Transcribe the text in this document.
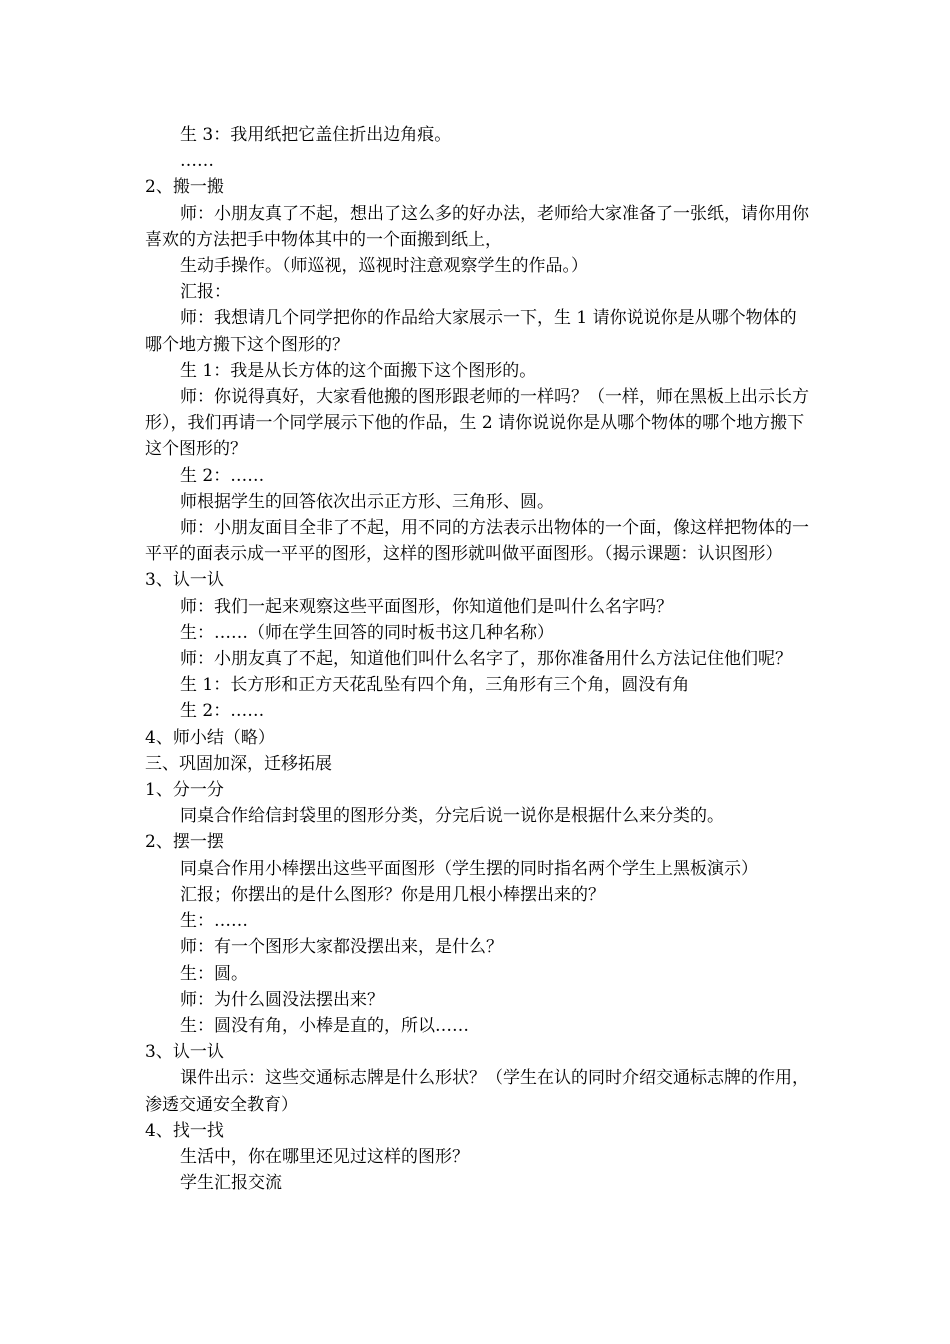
生 3：我用纸把它盖住折出边角痕。

……

2、搬一搬

师：小朋友真了不起，想出了这么多的好办法，老师给大家准备了一张纸，请你用你喜欢的方法把手中物体其中的一个面搬到纸上，

生动手操作。（师巡视，巡视时注意观察学生的作品。）

汇报：

师：我想请几个同学把你的作品给大家展示一下，生 1 请你说说你是从哪个物体的哪个地方搬下这个图形的？

生 1：我是从长方体的这个面搬下这个图形的。

师：你说得真好，大家看他搬的图形跟老师的一样吗？（一样，师在黑板上出示长方形），我们再请一个同学展示下他的作品，生 2 请你说说你是从哪个物体的哪个地方搬下这个图形的？

生 2：……

师根据学生的回答依次出示正方形、三角形、圆。

师：小朋友面目全非了不起，用不同的方法表示出物体的一个面，像这样把物体的一平平的面表示成一平平的图形，这样的图形就叫做平面图形。（揭示课题：认识图形）

3、认一认

师：我们一起来观察这些平面图形，你知道他们是叫什么名字吗？

生：……（师在学生回答的同时板书这几种名称）

师：小朋友真了不起，知道他们叫什么名字了，那你准备用什么方法记住他们呢？

生 1：长方形和正方天花乱坠有四个角，三角形有三个角，圆没有角

生 2：……

4、师小结（略）

三、巩固加深，迁移拓展

1、分一分

同桌合作给信封袋里的图形分类，分完后说一说你是根据什么来分类的。

2、摆一摆

同桌合作用小棒摆出这些平面图形（学生摆的同时指名两个学生上黑板演示）

汇报；你摆出的是什么图形？你是用几根小棒摆出来的？

生：……

师：有一个图形大家都没摆出来，是什么？

生：圆。

师：为什么圆没法摆出来？

生：圆没有角，小棒是直的，所以……

3、认一认

课件出示：这些交通标志牌是什么形状？（学生在认的同时介绍交通标志牌的作用，渗透交通安全教育）

4、找一找

生活中，你在哪里还见过这样的图形？

学生汇报交流
